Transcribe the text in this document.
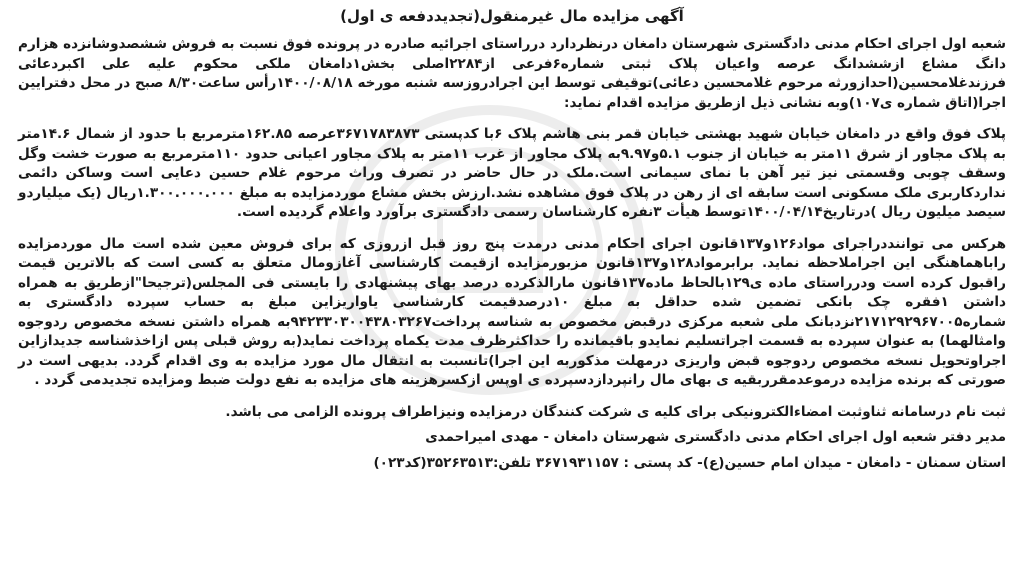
آگهی مزایده مال غیرمنقول(تجدیددفعه ی اول)

شعبه اول اجرای احکام مدنی دادگستری شهرستان دامغان درنظردارد درراستای اجرائیه صادره در پرونده فوق نسبت به فروش ششصدوشانزده هزارم دانگ مشاع ازششدانگ عرصه واعیان پلاک ثبتی شماره۶فرعی از۲۲۸۴اصلی بخش۱دامغان ملکی محکوم علیه علی اکبردعائی فرزندغلامحسین(احدازورثه مرحوم غلامحسین دعائی)توقیفی توسط این اجرادروزسه شنبه مورخه ۱۴۰۰/۰۸/۱۸رأس ساعت۸/۳۰ صبح در محل دفترایین اجرا(اتاق شماره ی۱۰۷)وبه نشانی ذیل ازطریق مزایده اقدام نماید:

پلاک فوق واقع در دامغان خیابان شهید بهشتی خیابان قمر بنی هاشم پلاک ۶با کدپستی ۳۶۷۱۷۸۳۸۷۳عرصه ۱۶۲.۸۵مترمربع با حدود از شمال ۱۴.۶متر به پلاک مجاور از شرق ۱۱متر به خیابان از جنوب ۵.۱و۹.۹۷به پلاک مجاور از غرب ۱۱متر به پلاک مجاور اعیانی حدود ۱۱۰مترمربع به صورت خشت وگل وسقف چوبی وقسمتی نیز تیر آهن با نمای سیمانی است.ملک در حال حاضر در تصرف وراث مرحوم غلام حسین دعایی است وساکن دائمی نداردکاربری ملک مسکونی است سابقه ای از رهن در پلاک فوق مشاهده نشد.ارزش بخش مشاع موردمزایده به مبلغ ۱.۳۰۰.۰۰۰.۰۰۰ریال (یک میلیاردو سیصد میلیون ریال )درتاریخ۱۴۰۰/۰۴/۱۴توسط هیأت ۳نفره کارشناسان رسمی دادگستری برآورد واعلام گردیده است.

هرکس می تواننددراجرای مواد۱۲۶و۱۳۷قانون اجرای احکام مدنی درمدت پنج روز قبل ازروزی که برای فروش معین شده است مال موردمزایده راباهماهنگی این اجراملاحظه نماید. برابرمواد۱۲۸و۱۳۷قانون مزبورمزایده ازقیمت کارشناسی آغازومال متعلق به کسی است که بالاترین قیمت راقبول کرده است ودرراستای ماده ی۱۲۹بالحاظ ماده۱۳۷قانون مارالذکرده درصد بهای پیشنهادی را بایستی فی المجلس(ترجیحا"ازطریق به همراه داشتن ۱فقره چک بانکی تضمین شده حداقل به مبلغ ۱۰درصدقیمت کارشناسی یاواریزاین مبلغ به حساب سپرده دادگستری به شماره۲۱۷۱۲۹۲۹۶۷۰۰۵نزدبانک ملی شعبه مرکزی درقبض مخصوص به شناسه پرداخت۹۴۲۳۳۰۳۰۰۴۳۸۰۳۲۶۷به همراه داشتن نسخه مخصوص ردوجوه وامثالهما) به عنوان سپرده به قسمت اجراتسلیم نمایدو باقیمانده را حداکثرظرف مدت یکماه پرداخت نماید(به روش قبلی پس ازاخذشناسه جدیدازاین اجراوتحویل نسخه مخصوص ردوجوه قبض واریزی درمهلت مذکوربه این اجرا)تانسبت به انتقال مال مورد مزایده به وی اقدام گردد. بدیهی است در صورتی که برنده مزایده درموعدمقرربقیه ی بهای مال رانپردازدسپرده ی اوپس ازکسرهزینه های مزایده به نفع دولت ضبط ومزایده تجدیدمی گردد .

ثبت نام درسامانه ثناوثبت امضاءالکترونیکی برای کلیه ی شرکت کنندگان درمزایده ونیزاطراف پرونده الزامی می باشد.

مدیر دفتر شعبه اول اجرای احکام مدنی دادگستری شهرستان دامغان - مهدی امیراحمدی
استان سمنان - دامغان - میدان امام حسین(ع)- کد پستی : ۳۶۷۱۹۳۱۱۵۷ تلفن:۳۵۲۶۳۵۱۳(کد۰۲۳)
